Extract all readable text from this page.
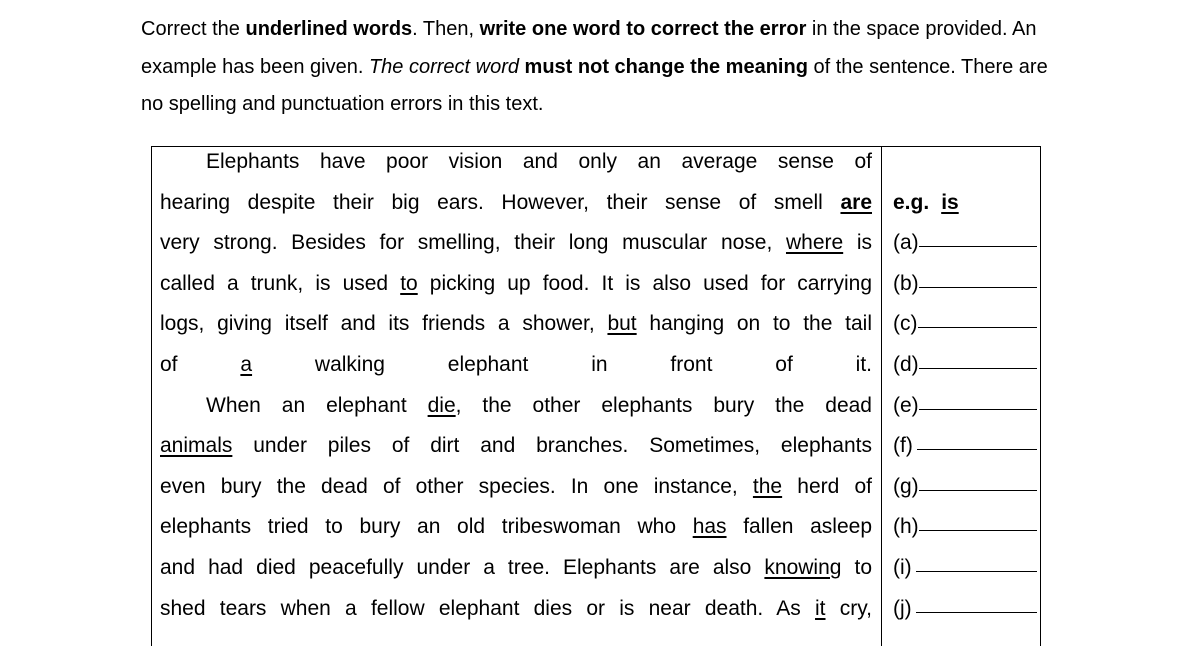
Correct the underlined words. Then, write one word to correct the error in the space provided. An example has been given. The correct word must not change the meaning of the sentence. There are no spelling and punctuation errors in this text.

Elephants have poor vision and only an average sense of
hearing despite their big ears. However, their sense of smell are
very strong. Besides for smelling, their long muscular nose, where is
called a trunk, is used to picking up food. It is also used for carrying
logs, giving itself and its friends a shower, but hanging on to the tail
of a walking elephant in front of it.
When an elephant die, the other elephants bury the dead
animals under piles of dirt and branches. Sometimes, elephants
even bury the dead of other species. In one instance, the herd of
elephants tried to bury an old tribeswoman who has fallen asleep
and had died peacefully under a tree. Elephants are also knowing to
shed tears when a fellow elephant dies or is near death. As it cry,
e.g. is
(a)
(b)
(c)
(d)
(e)
(f)
(g)
(h)
(i)
(j)
